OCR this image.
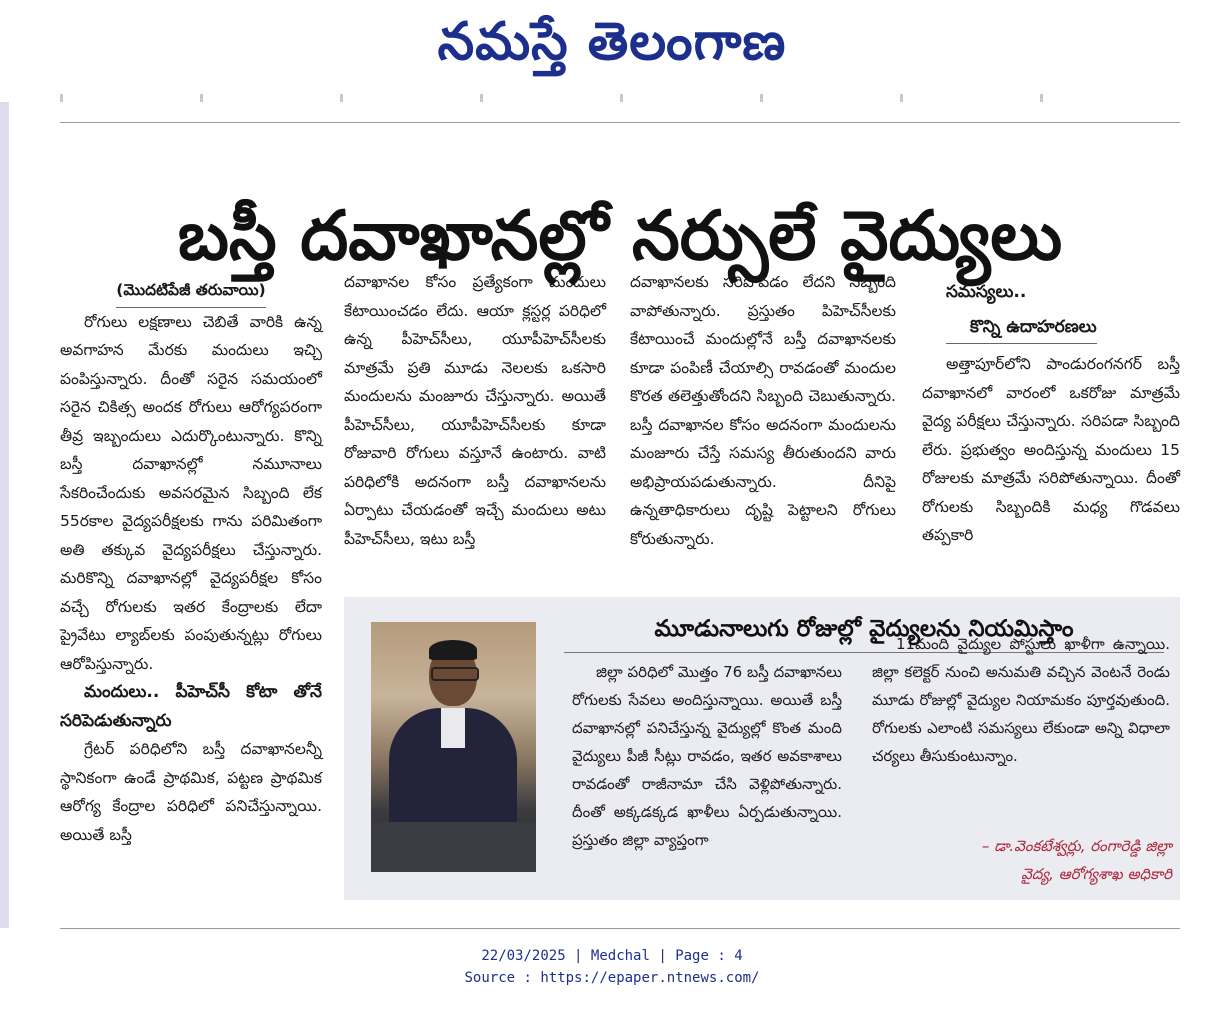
నమస్తే తెలంగాణ
బస్తీ దవాఖానల్లో నర్సులే వైద్యులు

(మొదటిపేజీ తరువాయి)

రోగులు లక్షణాలు చెబితే వారికి ఉన్న అవగాహన మేరకు మందులు ఇచ్చి పంపిస్తున్నారు. దీంతో సరైన సమయంలో సరైన చికిత్స అందక రోగులు ఆరోగ్యపరంగా తీవ్ర ఇబ్బందులు ఎదుర్కొంటున్నారు. కొన్ని బస్తీ దవాఖానల్లో నమూనాలు సేకరించేందుకు అవసరమైన సిబ్బంది లేక 55రకాల వైద్యపరీక్షలకు గాను పరిమితంగా అతి తక్కువ వైద్యపరీక్షలు చేస్తున్నారు. మరికొన్ని దవాఖానల్లో వైద్యపరీక్షల కోసం వచ్చే రోగులకు ఇతర కేంద్రాలకు లేదా ప్రైవేటు ల్యాబ్‌లకు పంపుతున్నట్లు రోగులు ఆరోపిస్తున్నారు.

మందులు.. పీహెచ్‌సీ కోటా తోనే సరిపెడుతున్నారు

గ్రేటర్ పరిధిలోని బస్తీ దవాఖానలన్నీ స్థానికంగా ఉండే ప్రాథమిక, పట్టణ ప్రాథమిక ఆరోగ్య కేంద్రాల పరిధిలో పనిచేస్తున్నాయి. అయితే బస్తీ

దవాఖానల కోసం ప్రత్యేకంగా మందులు కేటాయించడం లేదు. ఆయా క్లస్టర్ల పరిధిలో ఉన్న పీహెచ్‌సీలు, యూపీహెచ్‌సీలకు మాత్రమే ప్రతి మూడు నెలలకు ఒకసారి మందులను మంజూరు చేస్తున్నారు. అయితే పీహెచ్‌సీలు, యూపీహెచ్‌సీలకు కూడా రోజువారి రోగులు వస్తూనే ఉంటారు. వాటి పరిధిలోకి అదనంగా బస్తీ దవాఖానలను ఏర్పాటు చేయడంతో ఇచ్చే మందులు అటు పీహెచ్‌సీలు, ఇటు బస్తీ

దవాఖానలకు సరిపోవడం లేదని సిబ్బంది వాపోతున్నారు. ప్రస్తుతం పిహెచ్‌సీలకు కేటాయించే మందుల్లోనే బస్తీ దవాఖానలకు కూడా పంపిణీ చేయాల్సి రావడంతో మందుల కొరత తలెత్తుతోందని సిబ్బంది చెబుతున్నారు. బస్తీ దవాఖానల కోసం అదనంగా మందులను మంజూరు చేస్తే సమస్య తీరుతుందని వారు అభిప్రాయపడుతున్నారు. దీనిపై ఉన్నతాధికారులు దృష్టి పెట్టాలని రోగులు కోరుతున్నారు.

సమస్యలు..

కొన్ని ఉదాహరణలు

అత్తాపూర్‌లోని పాండురంగనగర్ బస్తీ దవాఖానలో వారంలో ఒకరోజు మాత్రమే వైద్య పరీక్షలు చేస్తున్నారు. సరిపడా సిబ్బంది లేరు. ప్రభుత్వం అందిస్తున్న మందులు 15 రోజులకు మాత్రమే సరిపోతున్నాయి. దీంతో రోగులకు సిబ్బందికి మధ్య గొడవలు తప్పకారి

మూడునాలుగు రోజుల్లో వైద్యులను నియమిస్తాం

జిల్లా పరిధిలో మొత్తం 76 బస్తీ దవాఖానలు రోగులకు సేవలు అందిస్తున్నాయి. అయితే బస్తీ దవాఖానల్లో పనిచేస్తున్న వైద్యుల్లో కొంత మంది వైద్యులు పీజీ సీట్లు రావడం, ఇతర అవకాశాలు రావడంతో రాజీనామా చేసి వెళ్లిపోతున్నారు. దీంతో అక్కడక్కడ ఖాళీలు ఏర్పడుతున్నాయి. ప్రస్తుతం జిల్లా వ్యాప్తంగా

11మంది వైద్యుల పోస్టులు ఖాళీగా ఉన్నాయి. జిల్లా కలెక్టర్ నుంచి అనుమతి వచ్చిన వెంటనే రెండు మూడు రోజుల్లో వైద్యుల నియామకం పూర్తవుతుంది. రోగులకు ఎలాంటి సమస్యలు లేకుండా అన్ని విధాలా చర్యలు తీసుకుంటున్నాం.

– డా.వెంకటేశ్వర్లు, రంగారెడ్డి జిల్లా
వైద్య, ఆరోగ్యశాఖ అధికారి
22/03/2025 | Medchal | Page : 4
Source : https://epaper.ntnews.com/
